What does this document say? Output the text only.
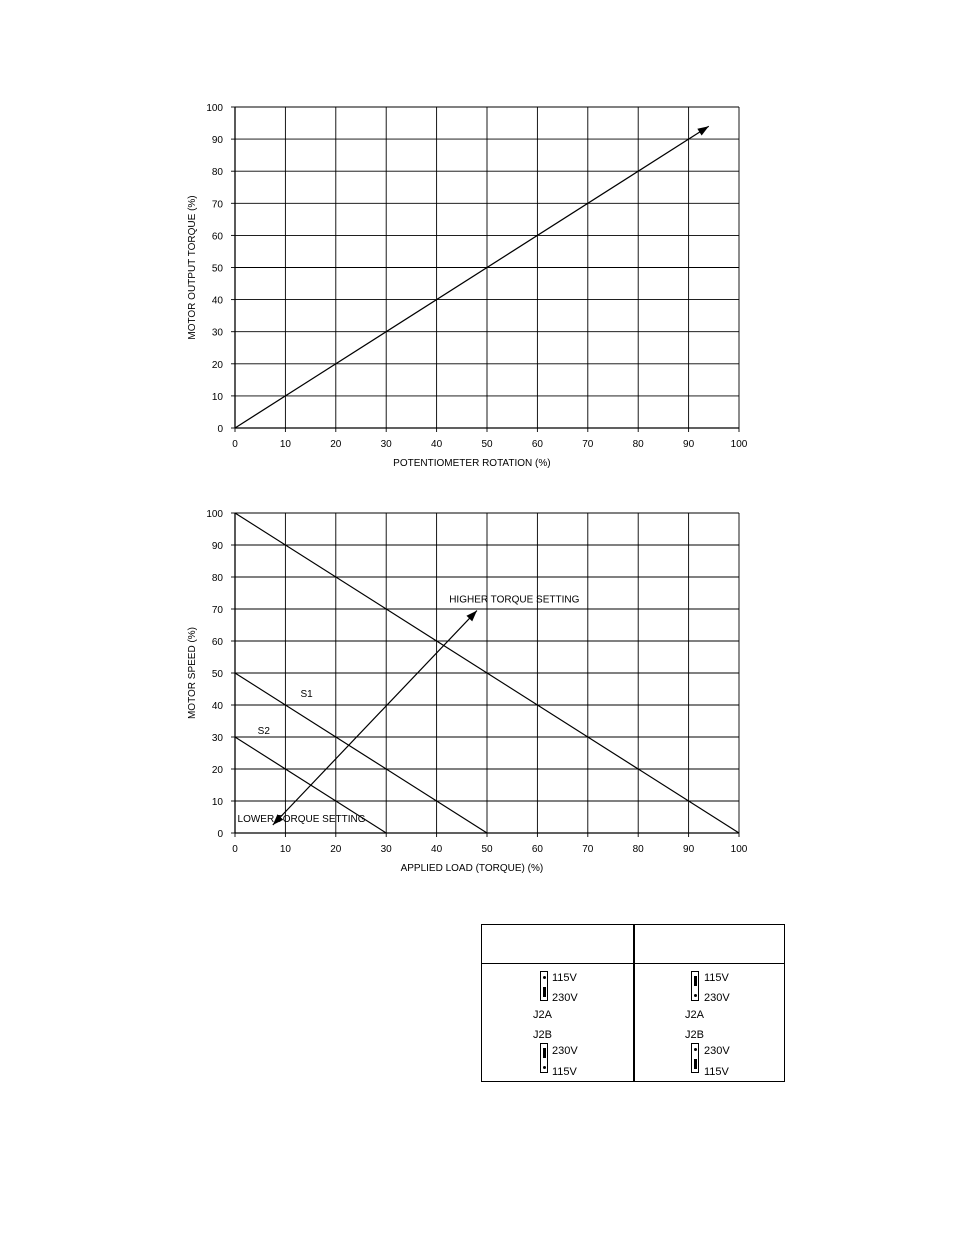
0	10	20	30	40	50	60	70	80	90	100
0
10
20
30
40
50
60
70
80
90
100
POTENTIOMETER ROTATION (%)
MOTOR OUTPUT TORQUE (%)
0	10	20	30	40	50	60	70	80	90	100
0
10
20
30
40
50
60
70
80
90
100
APPLIED LOAD (TORQUE) (%)
MOTOR SPEED (%)
HIGHER TORQUE SETTING
LOWER TORQUE SETTING
S1
S2
115V
230V
J2A
J2B
230V
115V
115V
230V
J2A
J2B
230V
115V
